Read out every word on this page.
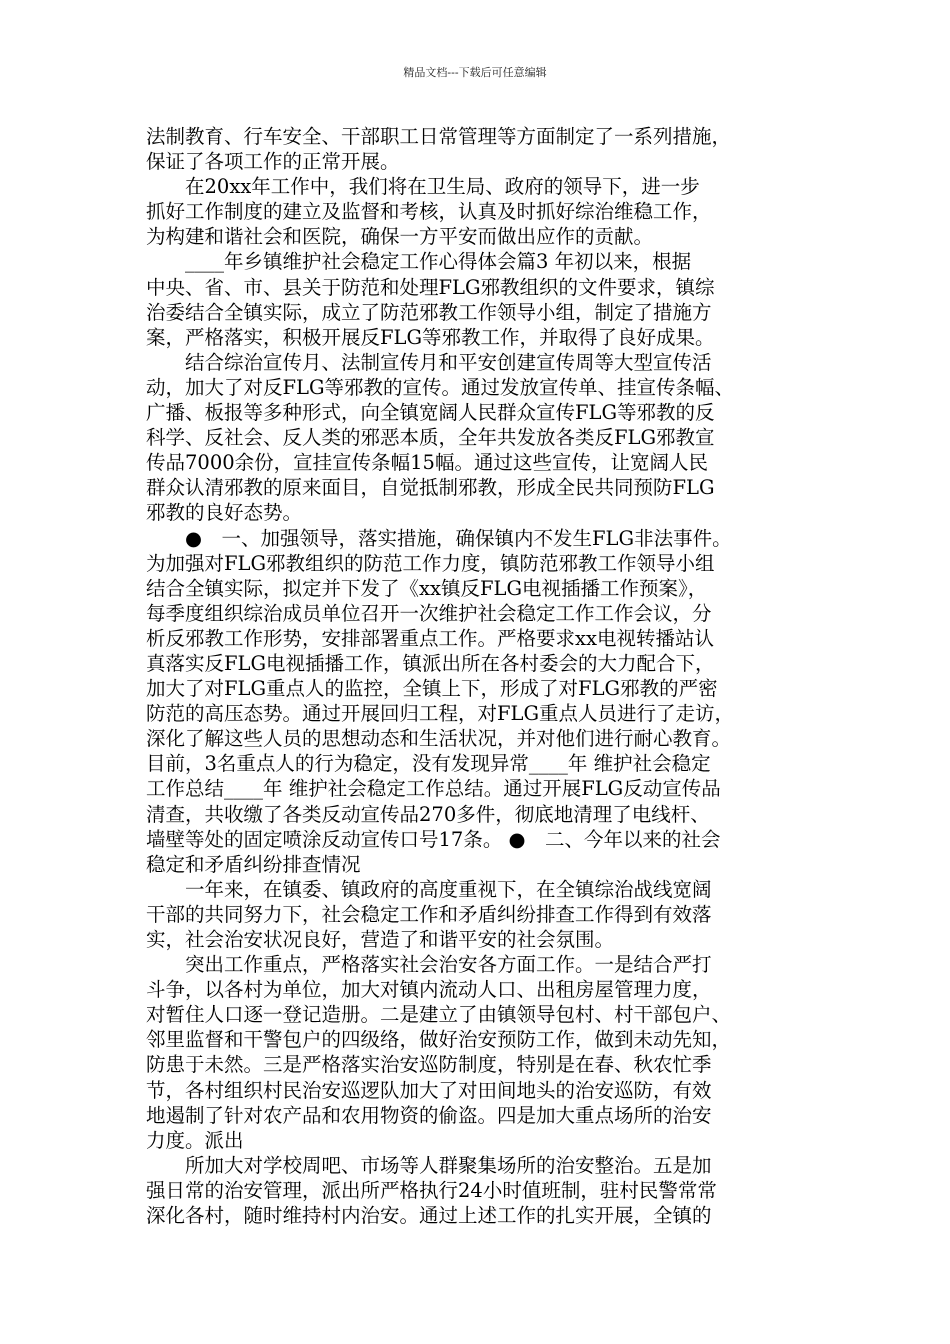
精品文档---下载后可任意编辑
法制教育、行车安全、干部职工日常管理等方面制定了一系列措施，
保证了各项工作的正常开展。
　　在20xx年工作中，我们将在卫生局、政府的领导下，进一步
抓好工作制度的建立及监督和考核，认真及时抓好综治维稳工作，
为构建和谐社会和医院，确保一方平安而做出应作的贡献。
　　____年乡镇维护社会稳定工作心得体会篇3 年初以来，根据
中央、省、市、县关于防范和处理FLG邪教组织的文件要求，镇综
治委结合全镇实际，成立了防范邪教工作领导小组，制定了措施方
案，严格落实，积极开展反FLG等邪教工作，并取得了良好成果。
　　结合综治宣传月、法制宣传月和平安创建宣传周等大型宣传活
动，加大了对反FLG等邪教的宣传。通过发放宣传单、挂宣传条幅、
广播、板报等多种形式，向全镇宽阔人民群众宣传FLG等邪教的反
科学、反社会、反人类的邪恶本质，全年共发放各类反FLG邪教宣
传品7000余份，宣挂宣传条幅15幅。通过这些宣传，让宽阔人民
群众认清邪教的原来面目，自觉抵制邪教，形成全民共同预防FLG
邪教的良好态势。
　　●　一、加强领导，落实措施，确保镇内不发生FLG非法事件。
为加强对FLG邪教组织的防范工作力度，镇防范邪教工作领导小组
结合全镇实际，拟定并下发了《xx镇反FLG电视插播工作预案》，
每季度组织综治成员单位召开一次维护社会稳定工作工作会议，分
析反邪教工作形势，安排部署重点工作。严格要求xx电视转播站认
真落实反FLG电视插播工作，镇派出所在各村委会的大力配合下，
加大了对FLG重点人的监控，全镇上下，形成了对FLG邪教的严密
防范的高压态势。通过开展回归工程，对FLG重点人员进行了走访，
深化了解这些人员的思想动态和生活状况，并对他们进行耐心教育。
目前，3名重点人的行为稳定，没有发现异常____年 维护社会稳定
工作总结____年 维护社会稳定工作总结。通过开展FLG反动宣传品
清查，共收缴了各类反动宣传品270多件，彻底地清理了电线杆、
墙壁等处的固定喷涂反动宣传口号17条。 ●　二、今年以来的社会
稳定和矛盾纠纷排查情况
　　一年来，在镇委、镇政府的高度重视下，在全镇综治战线宽阔
干部的共同努力下，社会稳定工作和矛盾纠纷排查工作得到有效落
实，社会治安状况良好，营造了和谐平安的社会氛围。
　　突出工作重点，严格落实社会治安各方面工作。一是结合严打
斗争，以各村为单位，加大对镇内流动人口、出租房屋管理力度，
对暂住人口逐一登记造册。二是建立了由镇领导包村、村干部包户、
邻里监督和干警包户的四级络，做好治安预防工作，做到未动先知，
防患于未然。三是严格落实治安巡防制度，特别是在春、秋农忙季
节，各村组织村民治安巡逻队加大了对田间地头的治安巡防，有效
地遏制了针对农产品和农用物资的偷盗。四是加大重点场所的治安
力度。派出
　　所加大对学校周吧、市场等人群聚集场所的治安整治。五是加
强日常的治安管理，派出所严格执行24小时值班制，驻村民警常常
深化各村，随时维持村内治安。通过上述工作的扎实开展，全镇的
